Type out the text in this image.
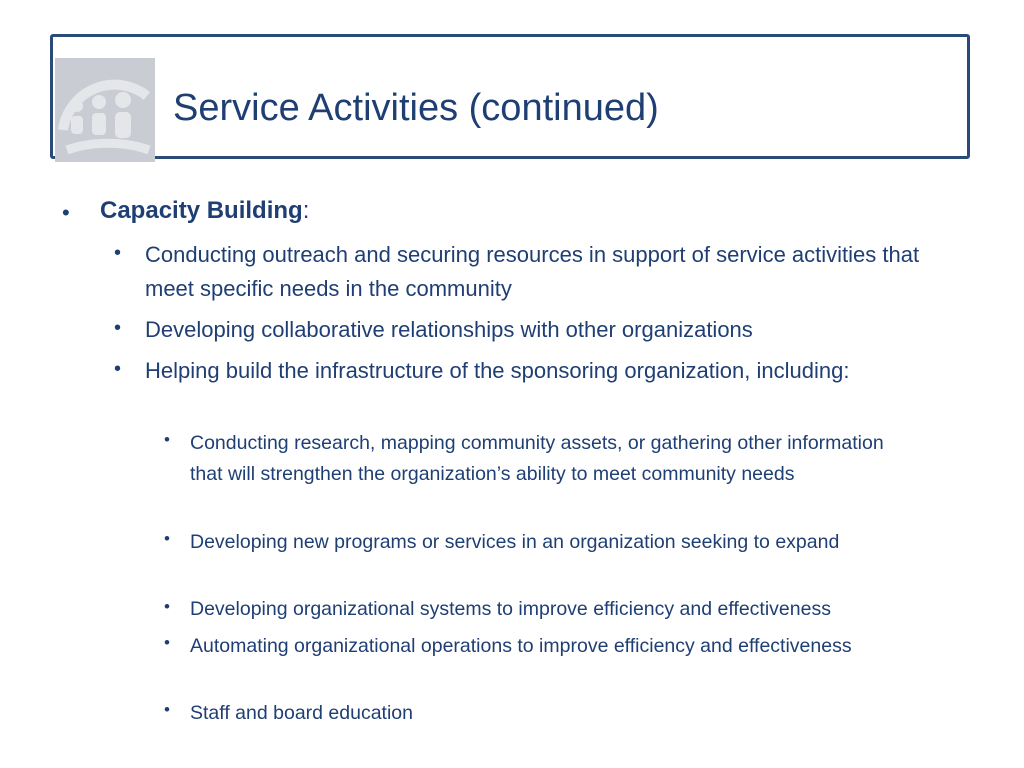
Service Activities (continued)
• Capacity Building:
• Conducting outreach and securing resources in support of service activities that meet specific needs in the community
• Developing collaborative relationships with other organizations
• Helping build the infrastructure of the sponsoring organization, including:
• Conducting research, mapping community assets, or gathering other information that will strengthen the organization’s ability to meet community needs
• Developing new programs or services in an organization seeking to expand
• Developing organizational systems to improve efficiency and effectiveness
• Automating organizational operations to improve efficiency and effectiveness
• Staff and board education
